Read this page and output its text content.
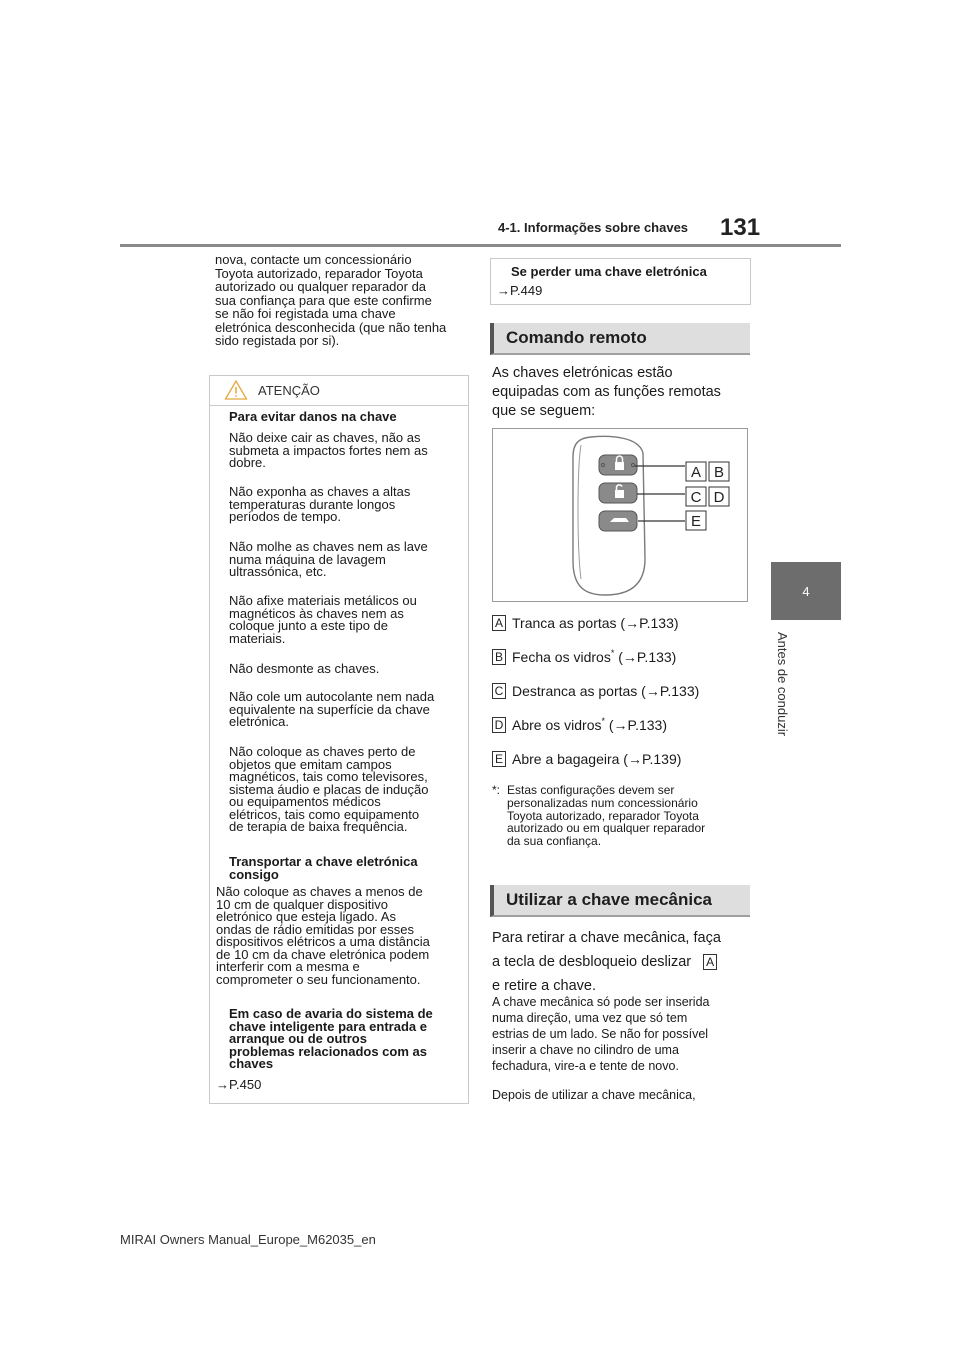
4-1. Informações sobre chaves 131
4
Antes de conduzir
nova, contacte um concessionário
Toyota autorizado, reparador Toyota
autorizado ou qualquer reparador da
sua confiança para que este confirme
se não foi registada uma chave
eletrónica desconhecida (que não tenha
sido registada por si).
ATENÇÃO
Para evitar danos na chave
Não deixe cair as chaves, não as
submeta a impactos fortes nem as
dobre.
Não exponha as chaves a altas
temperaturas durante longos
períodos de tempo.
Não molhe as chaves nem as lave
numa máquina de lavagem
ultrassónica, etc.
Não afixe materiais metálicos ou
magnéticos às chaves nem as
coloque junto a este tipo de
materiais.
Não desmonte as chaves.
Não cole um autocolante nem nada
equivalente na superfície da chave
eletrónica.
Não coloque as chaves perto de
objetos que emitam campos
magnéticos, tais como televisores,
sistema áudio e placas de indução
ou equipamentos médicos
elétricos, tais como equipamento
de terapia de baixa frequência.
Transportar a chave eletrónica
consigo
Não coloque as chaves a menos de
10 cm de qualquer dispositivo
eletrónico que esteja ligado. As
ondas de rádio emitidas por esses
dispositivos elétricos a uma distância
de 10 cm da chave eletrónica podem
interferir com a mesma e
comprometer o seu funcionamento.
Em caso de avaria do sistema de
chave inteligente para entrada e
arranque ou de outros
problemas relacionados com as
chaves
→P.450
Se perder uma chave eletrónica
→P.449
Comando remoto
As chaves eletrónicas estão
equipadas com as funções remotas
que se seguem:
A B
C D
E
A Tranca as portas (→P.133)
B Fecha os vidros* (→P.133)
C Destranca as portas (→P.133)
D Abre os vidros* (→P.133)
E Abre a bagageira (→P.139)
*: Estas configurações devem ser
personalizadas num concessionário
Toyota autorizado, reparador Toyota
autorizado ou em qualquer reparador
da sua confiança.
Utilizar a chave mecânica
Para retirar a chave mecânica, faça
a tecla de desbloqueio deslizar A
e retire a chave.
A chave mecânica só pode ser inserida
numa direção, uma vez que só tem
estrias de um lado. Se não for possível
inserir a chave no cilindro de uma
fechadura, vire-a e tente de novo.
Depois de utilizar a chave mecânica,
MIRAI Owners Manual_Europe_M62035_en
